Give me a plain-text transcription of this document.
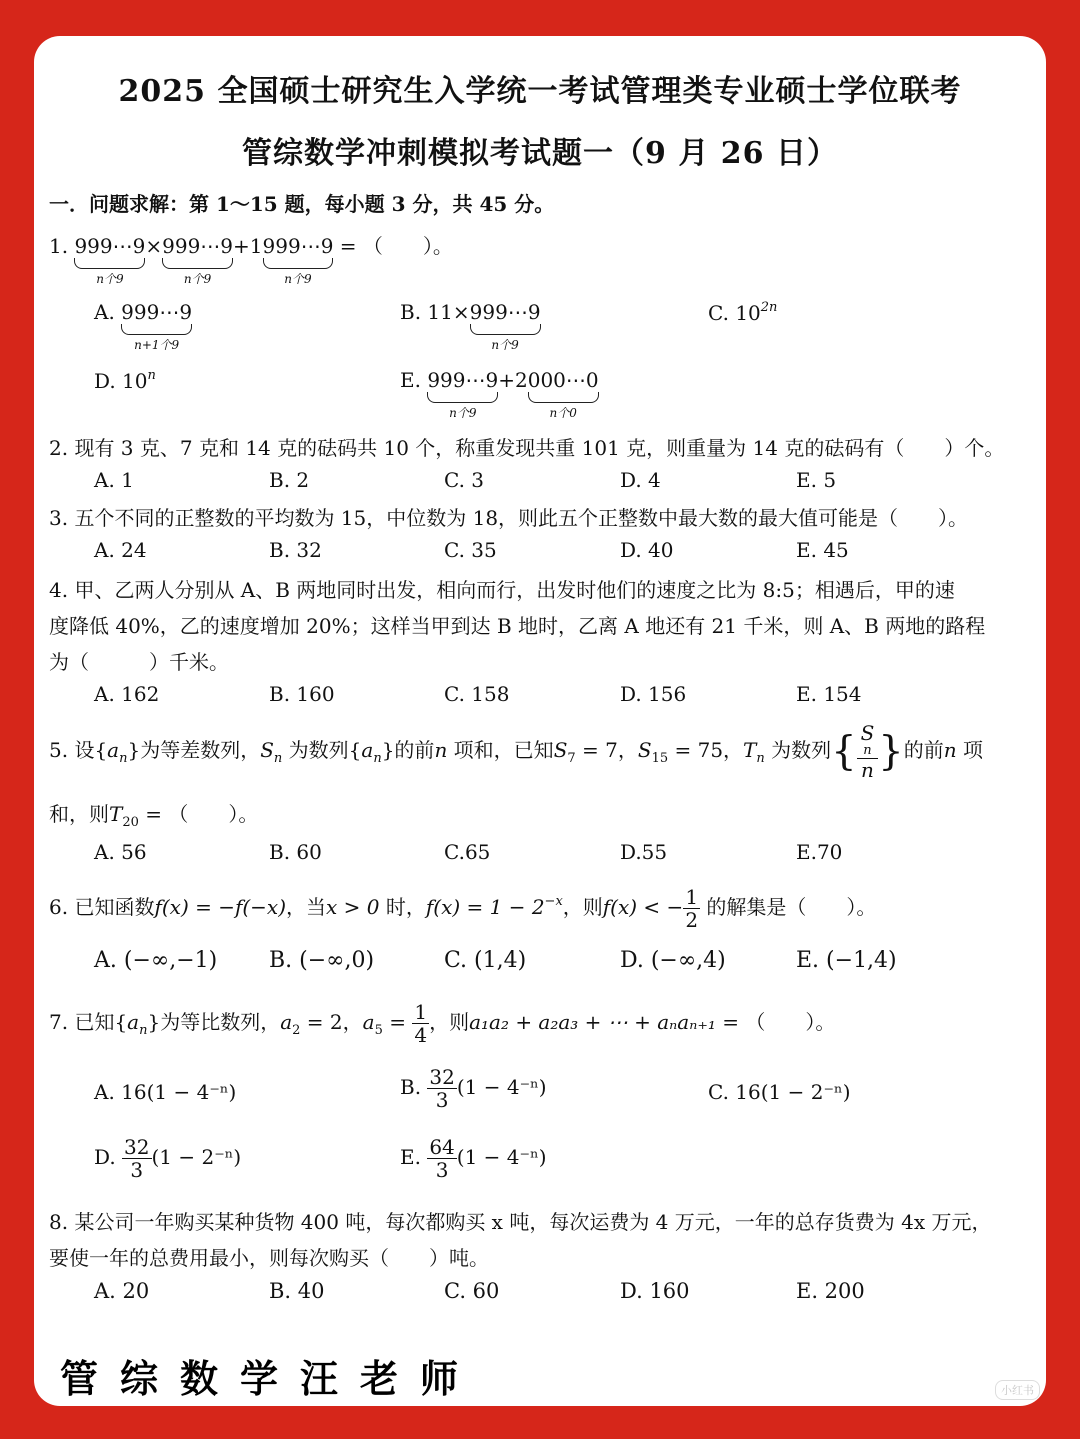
2025 全国硕士研究生入学统一考试管理类专业硕士学位联考
管综数学冲刺模拟考试题一（9 月 26 日）
一．问题求解：第 1～15 题，每小题 3 分，共 45 分。
1. 999⋯9
n个9
×999⋯9
n个9
+1999⋯9
n个9
= （　　）。
A. 999⋯9
n+1个9
B. 11×999⋯9
n个9
C. $10^{2n}$
D. 10$^n$	E. 999⋯9
n个9
+2000⋯0
n个0
2. 现有 3 克、7 克和 14 克的砝码共 10 个，称重发现共重 101 克，则重量为 14 克的砝码有（　　）个。
A. 1	B. 2	C. 3	D. 4	E. 5
3. 五个不同的正整数的平均数为 15，中位数为 18，则此五个正整数中最大数的最大值可能是（　　）。
A. 24	B. 32	C. 35	D. 40	E. 45
4. 甲、乙两人分别从 A、B 两地同时出发，相向而行，出发时他们的速度之比为 8:5；相遇后，甲的速
度降低 40%，乙的速度增加 20%；这样当甲到达 B 地时，乙离 A 地还有 21 千米，则 A、B 两地的路程
为（　　　）千米。
A. 162	B. 160	C. 158	D. 156	E. 154
5. 设$\{a_n\}$为等差数列，$S_n$ 为数列$\{a_n\}$的前n 项和，已知$S_7 = 7$，$S_{15} = 75$，$T_n$ 为数列{ S
n
n }的前n 项
和，则$T_{20}$ = （　　）。
A. 56	B. 60	C.65	D.55	E.70
6. 已知函数f(x) = −f(−x)，当x > 0 时，$f(x) = 1 - 2^{-x}$，则f(x) < − $\frac{1}{2}$ 的解集是（　　）。
A. (−∞,−1) B. (−∞,0)	C. (1,4)	D. (−∞,4)	E. (−1,4)
7. 已知$\{a_n\}$为等比数列，$a_2 = 2$，$a_5 = \frac{1}{4}$ ，则a₁a₂ + a₂a₃ + ⋯ + aₙaₙ₊₁ = （　　）。
A. 16(1 − 4⁻ⁿ)	B. $\frac{32}{3} (1 - 4^{-n})$	C. 16(1 − 2⁻ⁿ)
D. $\frac{32}{3} (1 - 2^{-n})$	E. $\frac{64}{3} (1 - 4^{-n})$
8. 某公司一年购买某种货物 400 吨，每次都购买 x 吨，每次运费为 4 万元，一年的总存货费为 4x 万元，
要使一年的总费用最小，则每次购买（　　）吨。
A. 20	B. 40	C. 60	D. 160	E. 200
管综数学汪老师	小红书
